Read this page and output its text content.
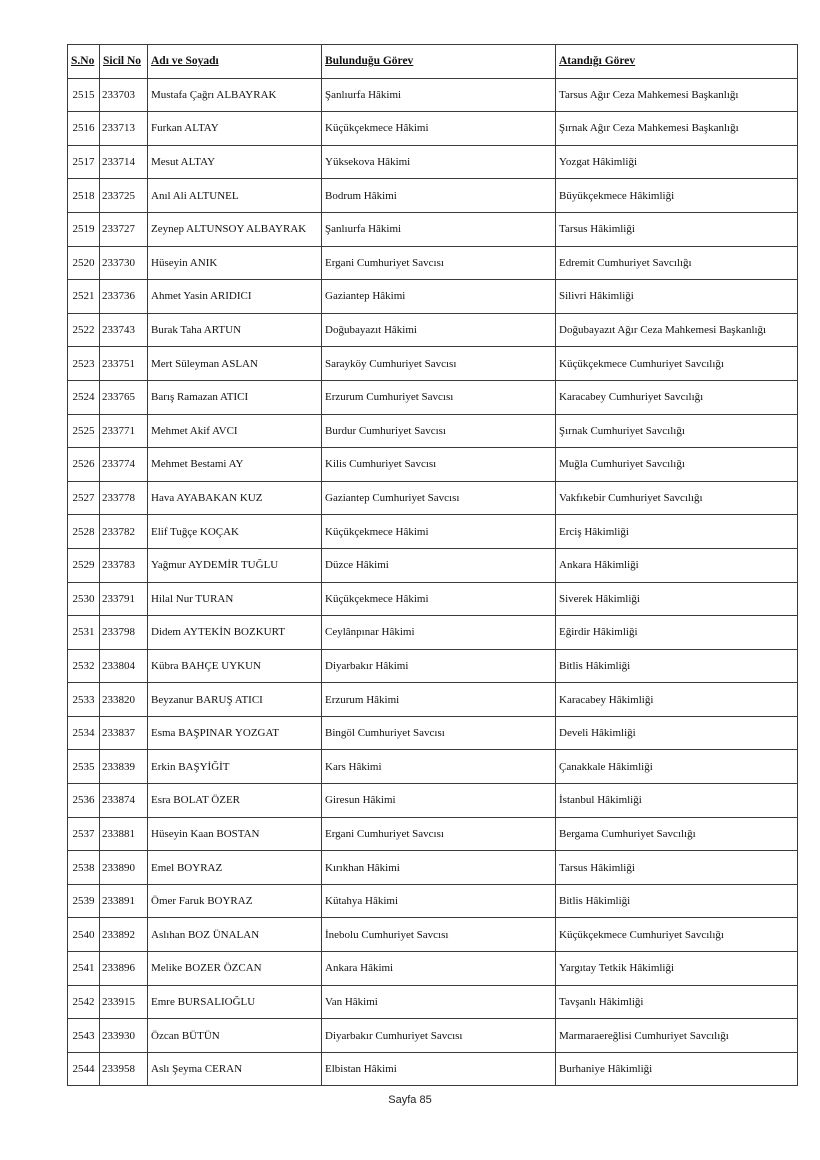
S.No	Sicil No	Adı ve Soyadı	Bulunduğu Görev	Atandığı Görev
2515	233703	Mustafa Çağrı ALBAYRAK	Şanlıurfa Hâkimi	Tarsus Ağır Ceza Mahkemesi Başkanlığı
2516	233713	Furkan ALTAY	Küçükçekmece Hâkimi	Şırnak Ağır Ceza Mahkemesi Başkanlığı
2517	233714	Mesut ALTAY	Yüksekova Hâkimi	Yozgat Hâkimliği
2518	233725	Anıl Ali ALTUNEL	Bodrum Hâkimi	Büyükçekmece Hâkimliği
2519	233727	Zeynep ALTUNSOY ALBAYRAK	Şanlıurfa Hâkimi	Tarsus Hâkimliği
2520	233730	Hüseyin ANIK	Ergani Cumhuriyet Savcısı	Edremit Cumhuriyet Savcılığı
2521	233736	Ahmet Yasin ARIDICI	Gaziantep Hâkimi	Silivri Hâkimliği
2522	233743	Burak Taha ARTUN	Doğubayazıt Hâkimi	Doğubayazıt Ağır Ceza Mahkemesi Başkanlığı
2523	233751	Mert Süleyman ASLAN	Sarayköy Cumhuriyet Savcısı	Küçükçekmece Cumhuriyet Savcılığı
2524	233765	Barış Ramazan ATICI	Erzurum Cumhuriyet Savcısı	Karacabey Cumhuriyet Savcılığı
2525	233771	Mehmet Akif AVCI	Burdur Cumhuriyet Savcısı	Şırnak Cumhuriyet Savcılığı
2526	233774	Mehmet Bestami AY	Kilis Cumhuriyet Savcısı	Muğla Cumhuriyet Savcılığı
2527	233778	Hava AYABAKAN KUZ	Gaziantep Cumhuriyet Savcısı	Vakfıkebir Cumhuriyet Savcılığı
2528	233782	Elif Tuğçe KOÇAK	Küçükçekmece Hâkimi	Erciş Hâkimliği
2529	233783	Yağmur AYDEMİR TUĞLU	Düzce Hâkimi	Ankara Hâkimliği
2530	233791	Hilal Nur TURAN	Küçükçekmece Hâkimi	Siverek Hâkimliği
2531	233798	Didem AYTEKİN BOZKURT	Ceylânpınar Hâkimi	Eğirdir Hâkimliği
2532	233804	Kübra BAHÇE UYKUN	Diyarbakır Hâkimi	Bitlis Hâkimliği
2533	233820	Beyzanur BARUŞ ATICI	Erzurum Hâkimi	Karacabey Hâkimliği
2534	233837	Esma BAŞPINAR YOZGAT	Bingöl Cumhuriyet Savcısı	Develi Hâkimliği
2535	233839	Erkin BAŞYİĞİT	Kars Hâkimi	Çanakkale Hâkimliği
2536	233874	Esra BOLAT ÖZER	Giresun Hâkimi	İstanbul Hâkimliği
2537	233881	Hüseyin Kaan BOSTAN	Ergani Cumhuriyet Savcısı	Bergama Cumhuriyet Savcılığı
2538	233890	Emel BOYRAZ	Kırıkhan Hâkimi	Tarsus Hâkimliği
2539	233891	Ömer Faruk BOYRAZ	Kütahya Hâkimi	Bitlis Hâkimliği
2540	233892	Aslıhan BOZ ÜNALAN	İnebolu Cumhuriyet Savcısı	Küçükçekmece Cumhuriyet Savcılığı
2541	233896	Melike BOZER ÖZCAN	Ankara Hâkimi	Yargıtay Tetkik Hâkimliği
2542	233915	Emre BURSALIOĞLU	Van Hâkimi	Tavşanlı Hâkimliği
2543	233930	Özcan BÜTÜN	Diyarbakır Cumhuriyet Savcısı	Marmaraereğlisi Cumhuriyet Savcılığı
2544	233958	Aslı Şeyma CERAN	Elbistan Hâkimi	Burhaniye Hâkimliği
Sayfa 85
